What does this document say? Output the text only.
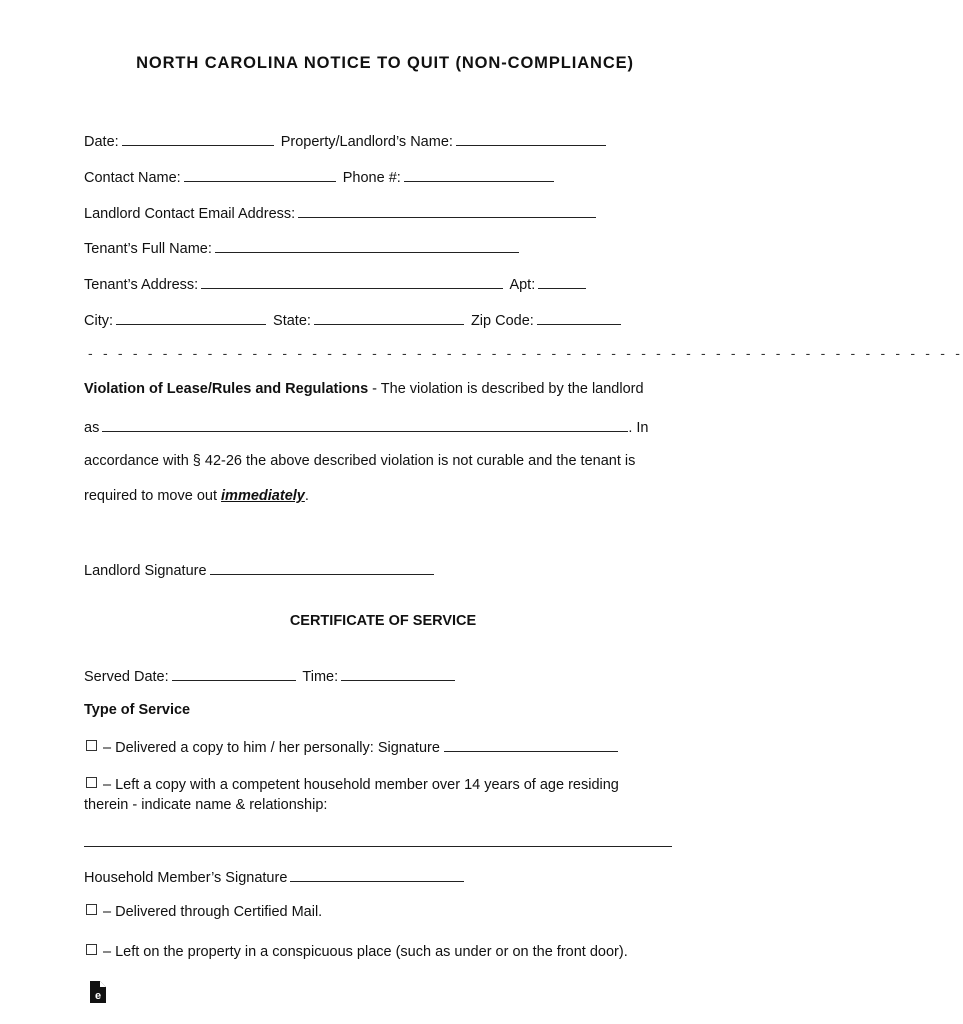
NORTH CAROLINA NOTICE TO QUIT (NON-COMPLIANCE)
Date:	Property/Landlord’s Name:
Contact Name:	Phone #:
Landlord Contact Email Address:
Tenant’s Full Name:
Tenant’s Address:	Apt:
City:	State:	Zip Code:
- - - - - - - - - - - - - - - - - - - - - - - - - - - - - - - - - - - - - - - - - - - - - - - - - - - - - - - - - - -
Violation of Lease/Rules and Regulations - The violation is described by the landlord
as	. In
accordance with § 42-26 the above described violation is not curable and the tenant is
required to move out immediately.
Landlord Signature
CERTIFICATE OF SERVICE
Served Date:	Time:
Type of Service
– Delivered a copy to him / her personally: Signature
– Left a copy with a competent household member over 14 years of age residing
therein - indicate name & relationship:
Household Member’s Signature
– Delivered through Certified Mail.
– Left on the property in a conspicuous place (such as under or on the front door).
e
